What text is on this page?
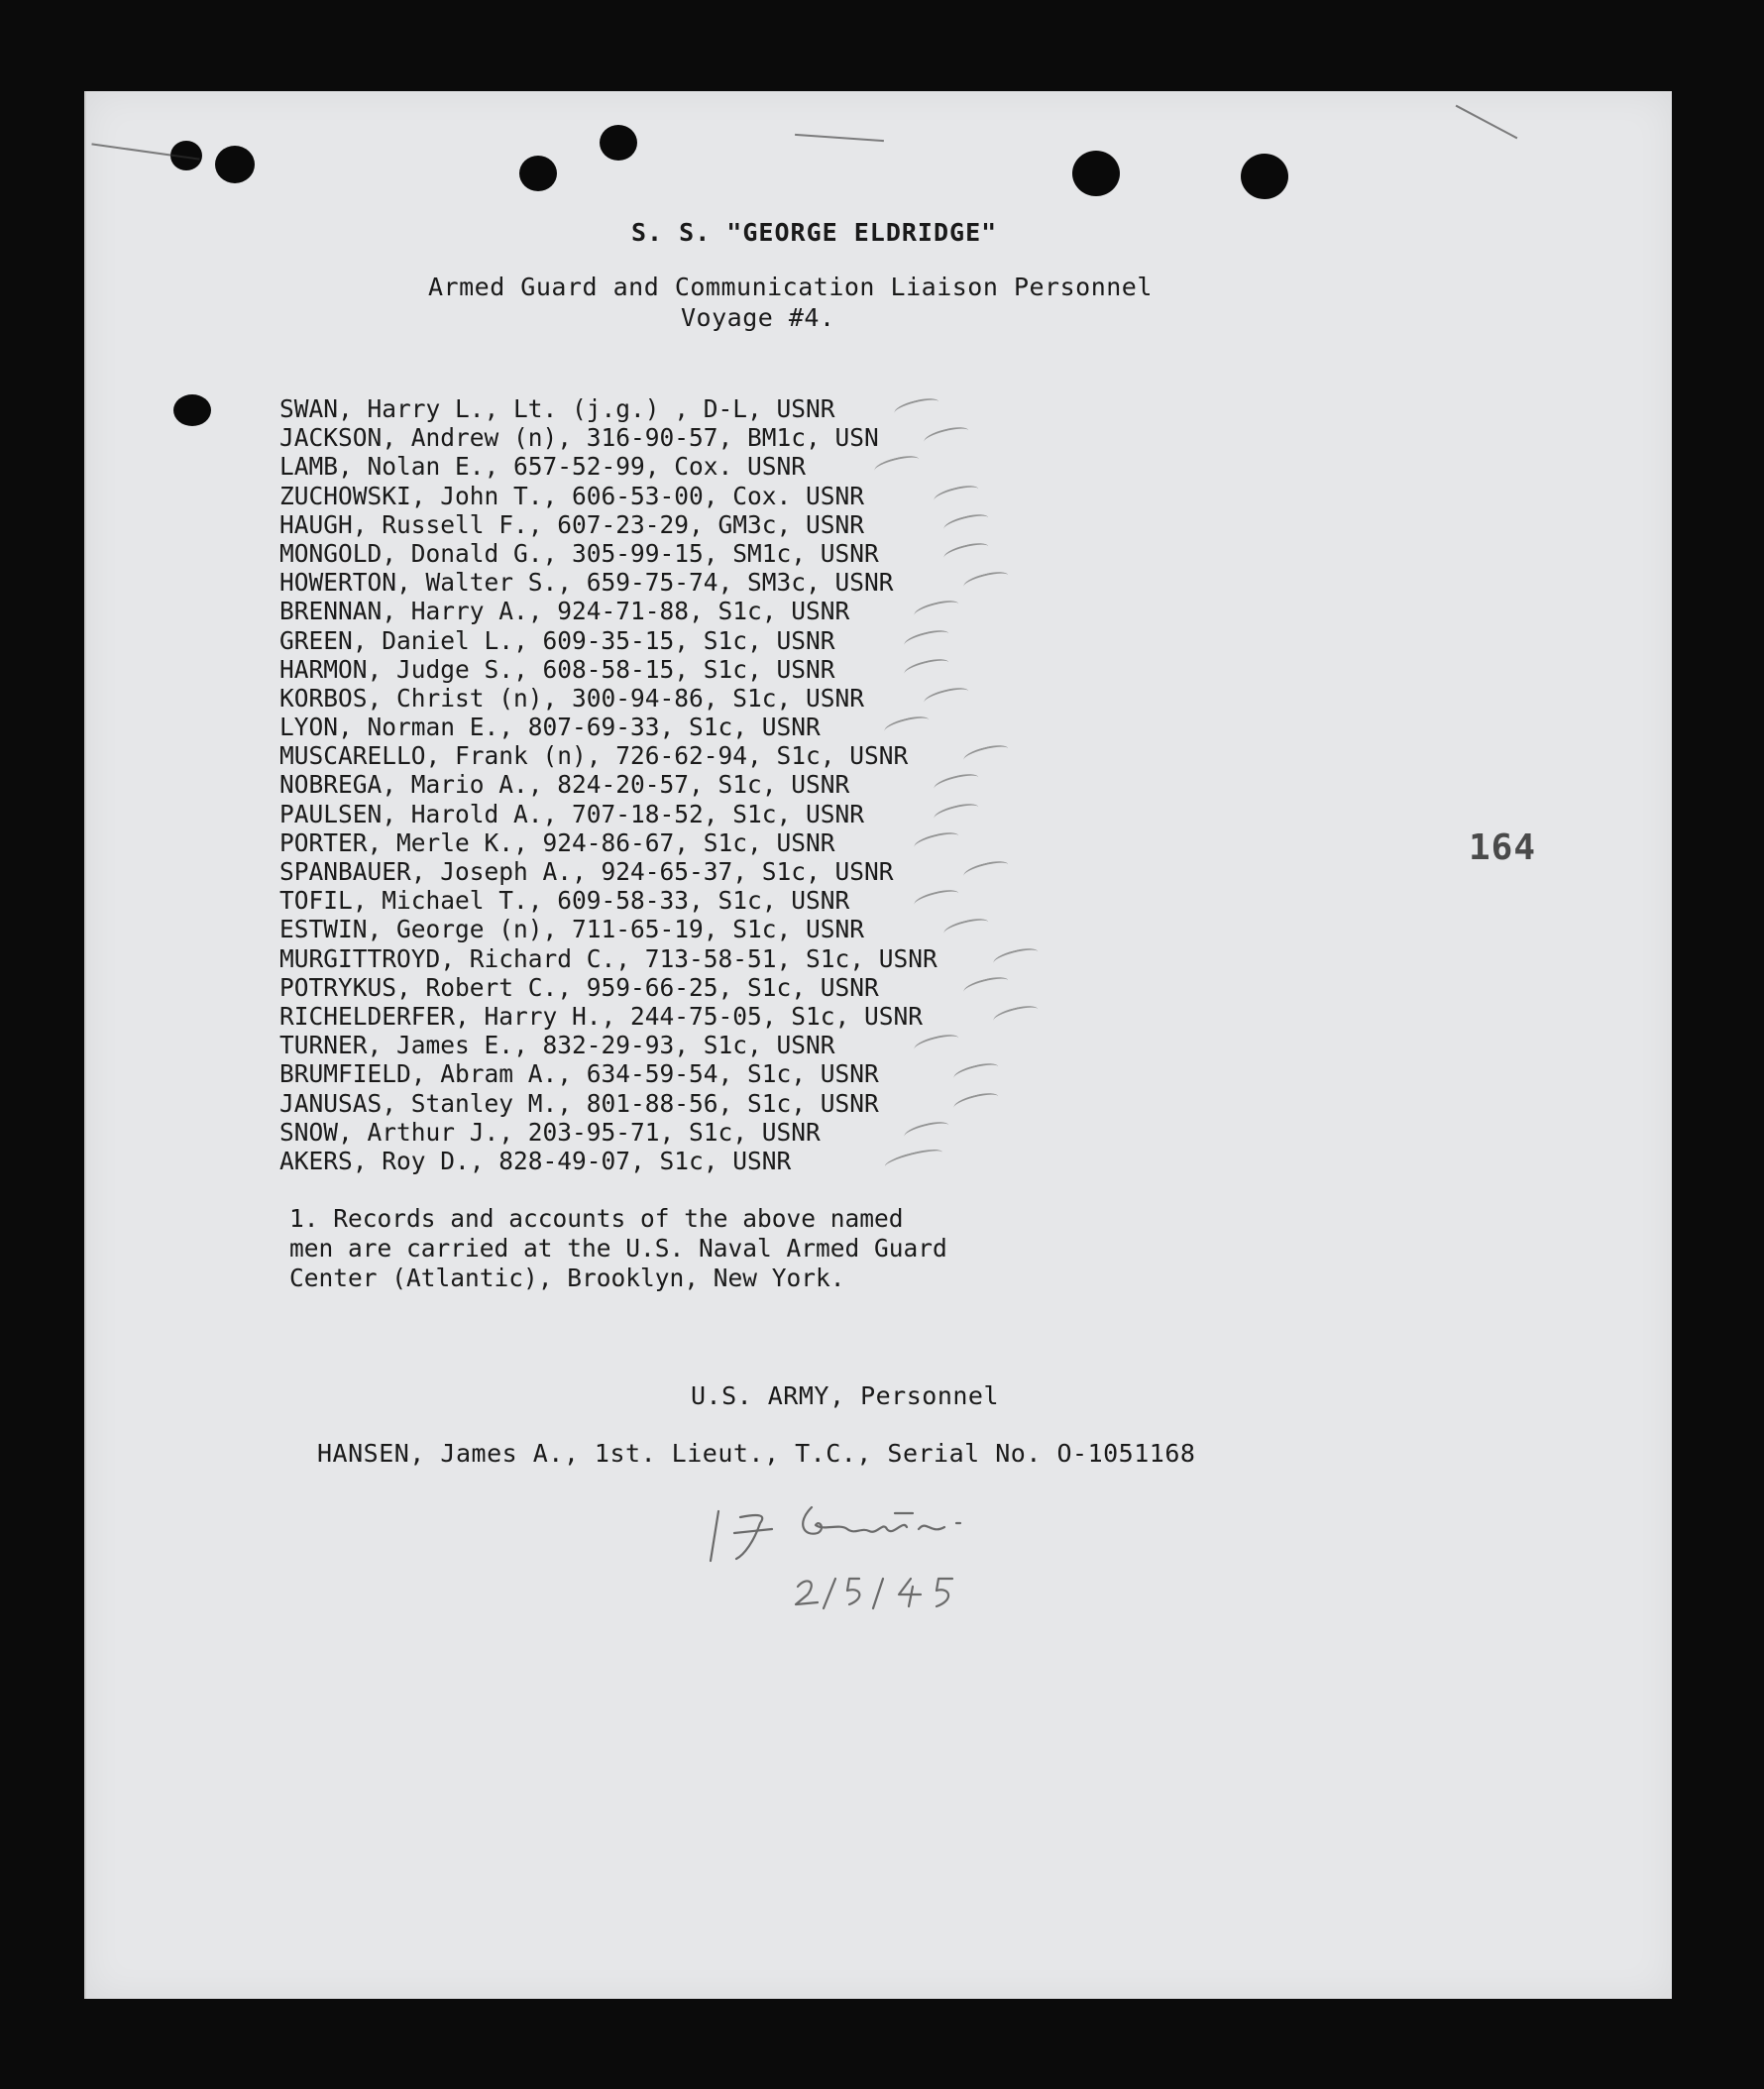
S. S. "GEORGE ELDRIDGE"
Armed Guard and Communication Liaison Personnel
Voyage #4.
SWAN, Harry L., Lt. (j.g.) , D-L, USNR
JACKSON, Andrew (n), 316-90-57, BM1c, USN
LAMB, Nolan E., 657-52-99, Cox. USNR
ZUCHOWSKI, John T., 606-53-00, Cox. USNR
HAUGH, Russell F., 607-23-29, GM3c, USNR
MONGOLD, Donald G., 305-99-15, SM1c, USNR
HOWERTON, Walter S., 659-75-74, SM3c, USNR
BRENNAN, Harry A., 924-71-88, S1c, USNR
GREEN, Daniel L., 609-35-15, S1c, USNR
HARMON, Judge S., 608-58-15, S1c, USNR
KORBOS, Christ (n), 300-94-86, S1c, USNR
LYON, Norman E., 807-69-33, S1c, USNR
MUSCARELLO, Frank (n), 726-62-94, S1c, USNR
NOBREGA, Mario A., 824-20-57, S1c, USNR
PAULSEN, Harold A., 707-18-52, S1c, USNR
PORTER, Merle K., 924-86-67, S1c, USNR
SPANBAUER, Joseph A., 924-65-37, S1c, USNR
TOFIL, Michael T., 609-58-33, S1c, USNR
ESTWIN, George (n), 711-65-19, S1c, USNR
MURGITTROYD, Richard C., 713-58-51, S1c, USNR
POTRYKUS, Robert C., 959-66-25, S1c, USNR
RICHELDERFER, Harry H., 244-75-05, S1c, USNR
TURNER, James E., 832-29-93, S1c, USNR
BRUMFIELD, Abram A., 634-59-54, S1c, USNR
JANUSAS, Stanley M., 801-88-56, S1c, USNR
SNOW, Arthur J., 203-95-71, S1c, USNR
AKERS, Roy D., 828-49-07, S1c, USNR

1. Records and accounts of the above named
men are carried at the U.S. Naval Armed Guard
Center (Atlantic), Brooklyn, New York.

U.S. ARMY, Personnel
HANSEN, James A., 1st. Lieut., T.C., Serial No. O-1051168
164
